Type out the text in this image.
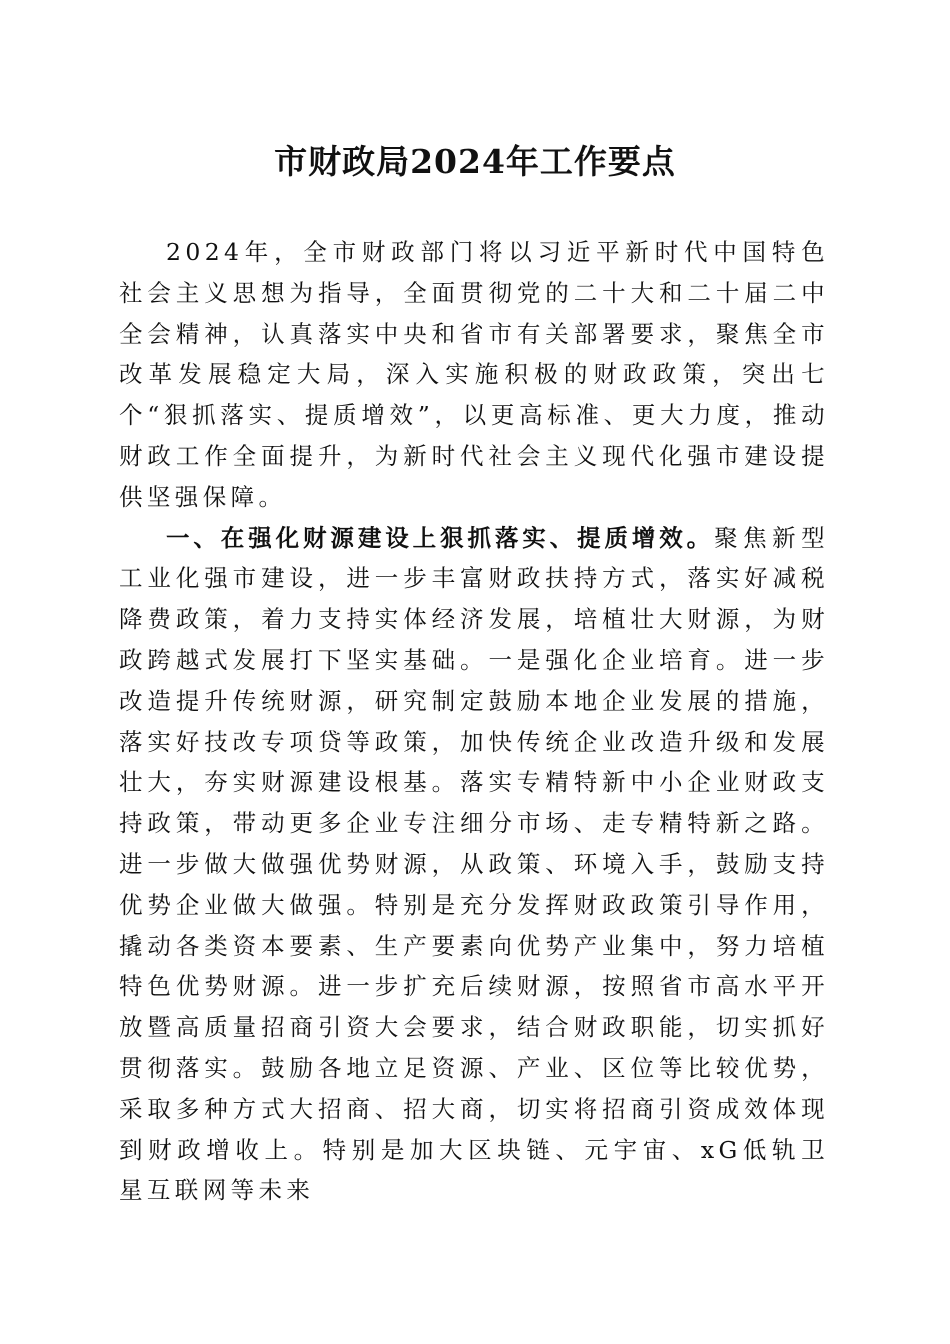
市财政局2024年工作要点

2024年，全市财政部门将以习近平新时代中国特色社会主义思想为指导，全面贯彻党的二十大和二十届二中全会精神，认真落实中央和省市有关部署要求，聚焦全市改革发展稳定大局，深入实施积极的财政政策，突出七个“狠抓落实、提质增效”，以更高标准、更大力度，推动财政工作全面提升，为新时代社会主义现代化强市建设提供坚强保障。

一、在强化财源建设上狠抓落实、提质增效。聚焦新型工业化强市建设，进一步丰富财政扶持方式，落实好减税降费政策，着力支持实体经济发展，培植壮大财源，为财政跨越式发展打下坚实基础。一是强化企业培育。进一步改造提升传统财源，研究制定鼓励本地企业发展的措施，落实好技改专项贷等政策，加快传统企业改造升级和发展壮大，夯实财源建设根基。落实专精特新中小企业财政支持政策，带动更多企业专注细分市场、走专精特新之路。进一步做大做强优势财源，从政策、环境入手，鼓励支持优势企业做大做强。特别是充分发挥财政政策引导作用，撬动各类资本要素、生产要素向优势产业集中，努力培植特色优势财源。进一步扩充后续财源，按照省市高水平开放暨高质量招商引资大会要求，结合财政职能，切实抓好贯彻落实。鼓励各地立足资源、产业、区位等比较优势，采取多种方式大招商、招大商，切实将招商引资成效体现到财政增收上。特别是加大区块链、元宇宙、xG低轨卫星互联网等未来
